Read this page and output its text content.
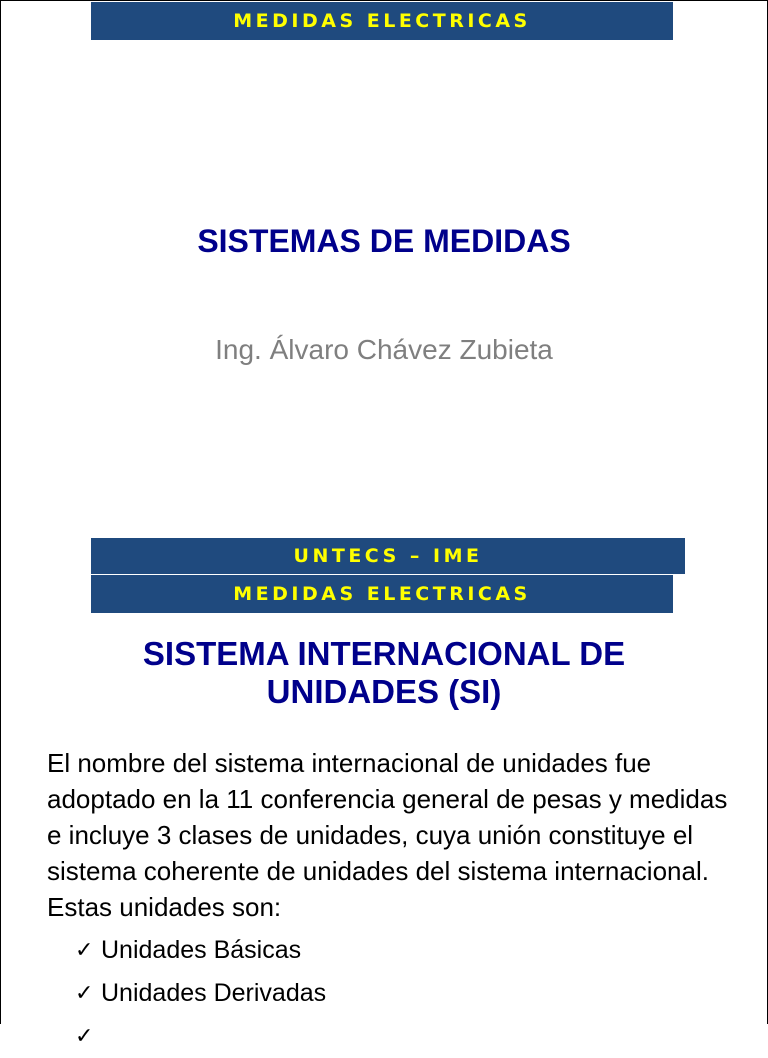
MEDIDAS ELECTRICAS
SISTEMAS DE MEDIDAS
Ing. Álvaro Chávez Zubieta
UNTECS – IME
MEDIDAS ELECTRICAS
SISTEMA INTERNACIONAL DE UNIDADES (SI)
El nombre del sistema internacional de unidades fue adoptado en la 11 conferencia general de pesas y medidas e incluye 3 clases de unidades, cuya unión constituye el sistema coherente de unidades del sistema internacional. Estas unidades son:
✓ Unidades Básicas
✓ Unidades Derivadas
✓
